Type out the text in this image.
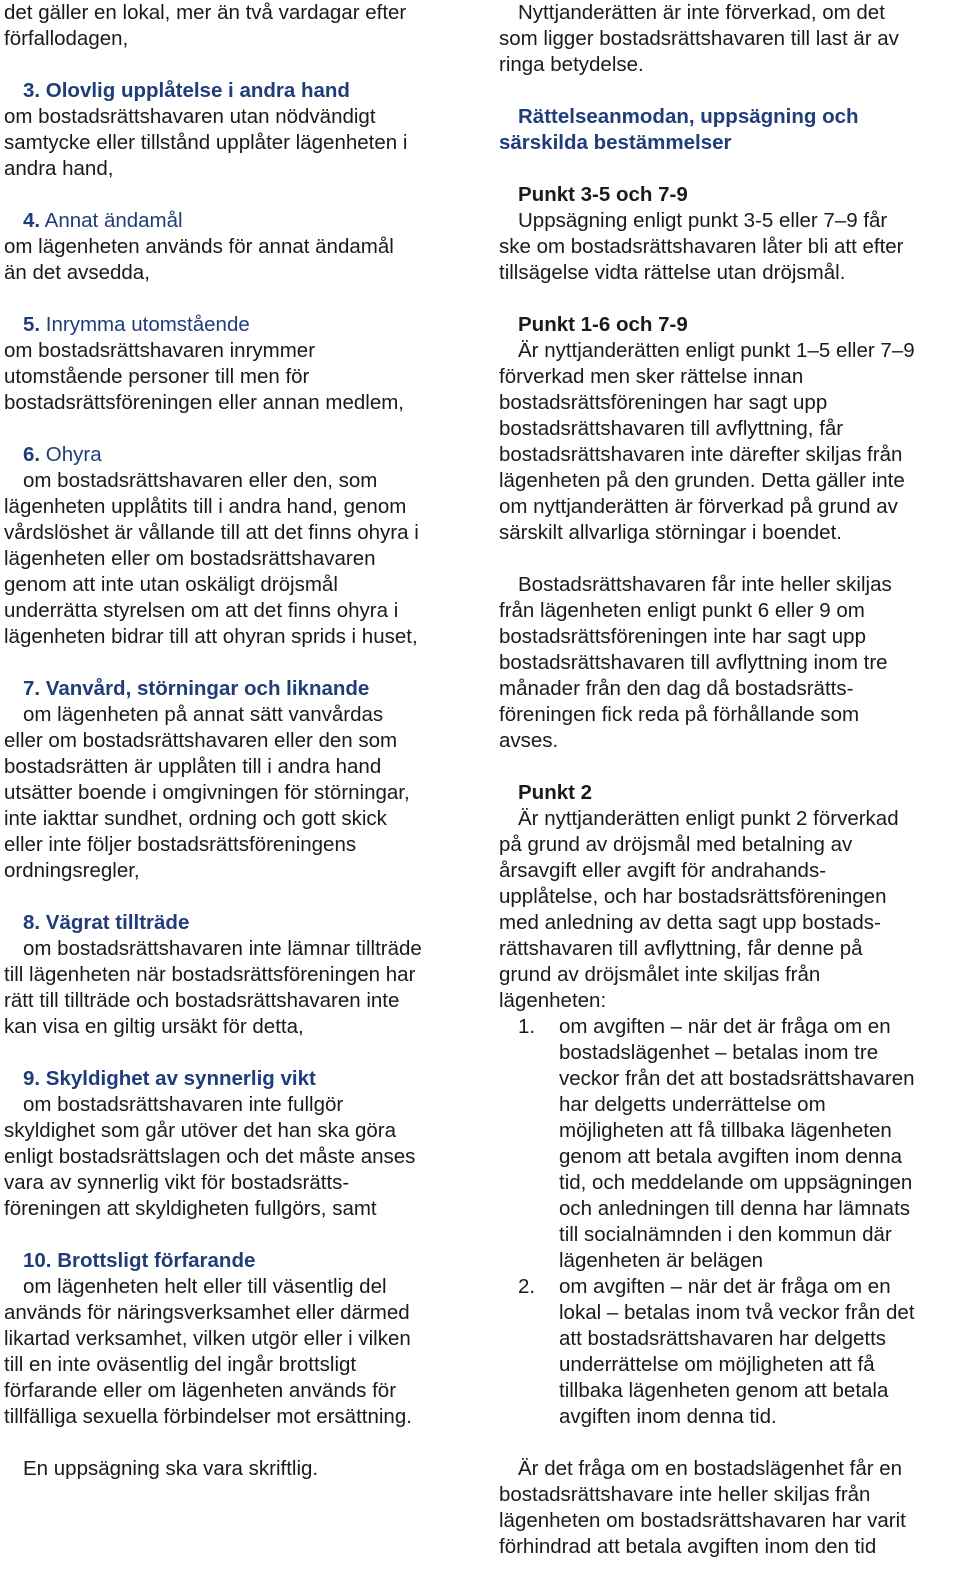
det gäller en lokal, mer än två vardagar efter
förfallodagen,

3. Olovlig upplåtelse i andra hand

om bostadsrättshavaren utan nödvändigt

samtycke eller tillstånd upplåter lägenheten i
andra hand,

4. Annat ändamål

om lägenheten används för annat ändamål

än det avsedda,

5. Inrymma utomstående

om bostadsrättshavaren inrymmer

utomstående personer till men för
bostadsrättsföreningen eller annan medlem,

6. Ohyra

om bostadsrättshavaren eller den, som

lägenheten upplåtits till i andra hand, genom
vårdslöshet är vållande till att det finns ohyra i
lägenheten eller om bostadsrättshavaren
genom att inte utan oskäligt dröjsmål
underrätta styrelsen om att det finns ohyra i
lägenheten bidrar till att ohyran sprids i huset,

7. Vanvård, störningar och liknande

om lägenheten på annat sätt vanvårdas

eller om bostadsrättshavaren eller den som
bostadsrätten är upplåten till i andra hand
utsätter boende i omgivningen för störningar,
inte iakttar sundhet, ordning och gott skick
eller inte följer bostadsrättsföreningens
ordningsregler,

8. Vägrat tillträde

om bostadsrättshavaren inte lämnar tillträde

till lägenheten när bostadsrättsföreningen har
rätt till tillträde och bostadsrättshavaren inte
kan visa en giltig ursäkt för detta,

9. Skyldighet av synnerlig vikt

om bostadsrättshavaren inte fullgör

skyldighet som går utöver det han ska göra
enligt bostadsrättslagen och det måste anses
vara av synnerlig vikt för bostadsrätts-
föreningen att skyldigheten fullgörs, samt

10. Brottsligt förfarande

om lägenheten helt eller till väsentlig del

används för näringsverksamhet eller därmed
likartad verksamhet, vilken utgör eller i vilken
till en inte oväsentlig del ingår brottsligt
förfarande eller om lägenheten används för
tillfälliga sexuella förbindelser mot ersättning.

En uppsägning ska vara skriftlig.

Nyttjanderätten är inte förverkad, om det

som ligger bostadsrättshavaren till last är av
ringa betydelse.

Rättelseanmodan, uppsägning och

särskilda bestämmelser

Punkt 3-5 och 7-9

Uppsägning enligt punkt 3-5 eller 7–9 får

ske om bostadsrättshavaren låter bli att efter
tillsägelse vidta rättelse utan dröjsmål.

Punkt 1-6 och 7-9

Är nyttjanderätten enligt punkt 1–5 eller 7–9

förverkad men sker rättelse innan
bostadsrättsföreningen har sagt upp
bostadsrättshavaren till avflyttning, får
bostadsrättshavaren inte därefter skiljas från
lägenheten på den grunden. Detta gäller inte
om nyttjanderätten är förverkad på grund av
särskilt allvarliga störningar i boendet.

Bostadsrättshavaren får inte heller skiljas

från lägenheten enligt punkt 6 eller 9 om
bostadsrättsföreningen inte har sagt upp
bostadsrättshavaren till avflyttning inom tre
månader från den dag då bostadsrätts-
föreningen fick reda på förhållande som
avses.

Punkt 2

Är nyttjanderätten enligt punkt 2 förverkad

på grund av dröjsmål med betalning av
årsavgift eller avgift för andrahands-
upplåtelse, och har bostadsrättsföreningen
med anledning av detta sagt upp bostads-
rättshavaren till avflyttning, får denne på
grund av dröjsmålet inte skiljas från
lägenheten:

1. om avgiften – när det är fråga om en
bostadslägenhet – betalas inom tre
veckor från det att bostadsrättshavaren
har delgetts underrättelse om
möjligheten att få tillbaka lägenheten
genom att betala avgiften inom denna
tid, och meddelande om uppsägningen
och anledningen till denna har lämnats
till socialnämnden i den kommun där
lägenheten är belägen
2. om avgiften – när det är fråga om en
lokal – betalas inom två veckor från det
att bostadsrättshavaren har delgetts
underrättelse om möjligheten att få
tillbaka lägenheten genom att betala
avgiften inom denna tid.

Är det fråga om en bostadslägenhet får en

bostadsrättshavare inte heller skiljas från
lägenheten om bostadsrättshavaren har varit
förhindrad att betala avgiften inom den tid
